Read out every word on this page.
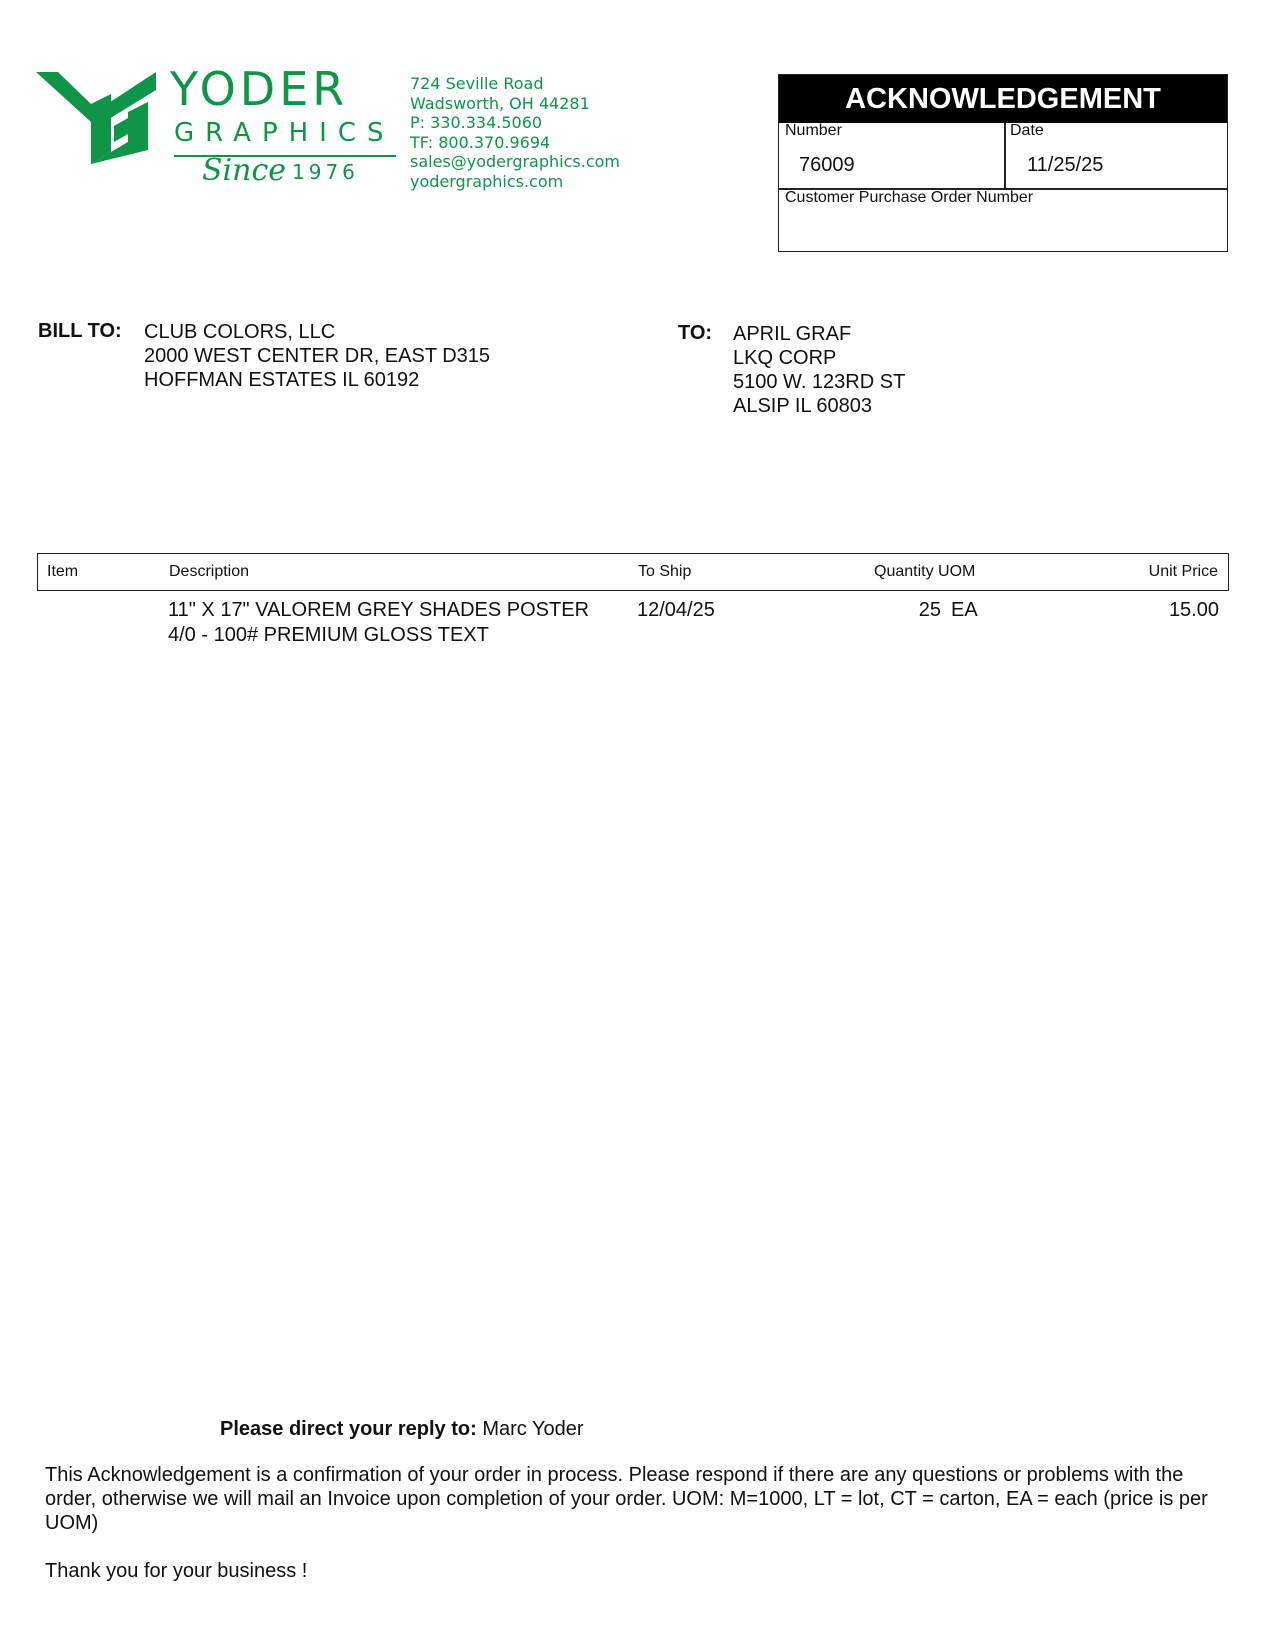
YODER
GRAPHICS
Since 1976
724 Seville Road
Wadsworth, OH 44281
P: 330.334.5060
TF: 800.370.9694
sales@yodergraphics.com
yodergraphics.com
ACKNOWLEDGEMENT
Number
76009
Date
11/25/25
Customer Purchase Order Number
BILL TO: CLUB COLORS, LLC
2000 WEST CENTER DR, EAST D315
HOFFMAN ESTATES IL 60192
TO: APRIL GRAF
LKQ CORP
5100 W. 123RD ST
ALSIP IL 60803
Item	Description	To Ship	Quantity UOM	Unit Price
11" X 17" VALOREM GREY SHADES POSTER
4/0 - 100# PREMIUM GLOSS TEXT
12/04/25	25 EA	15.00
Please direct your reply to: Marc Yoder
This Acknowledgement is a confirmation of your order in process. Please respond if there are any questions or problems with the order, otherwise we will mail an Invoice upon completion of your order. UOM: M=1000, LT = lot, CT = carton, EA = each (price is per UOM)
Thank you for your business !
